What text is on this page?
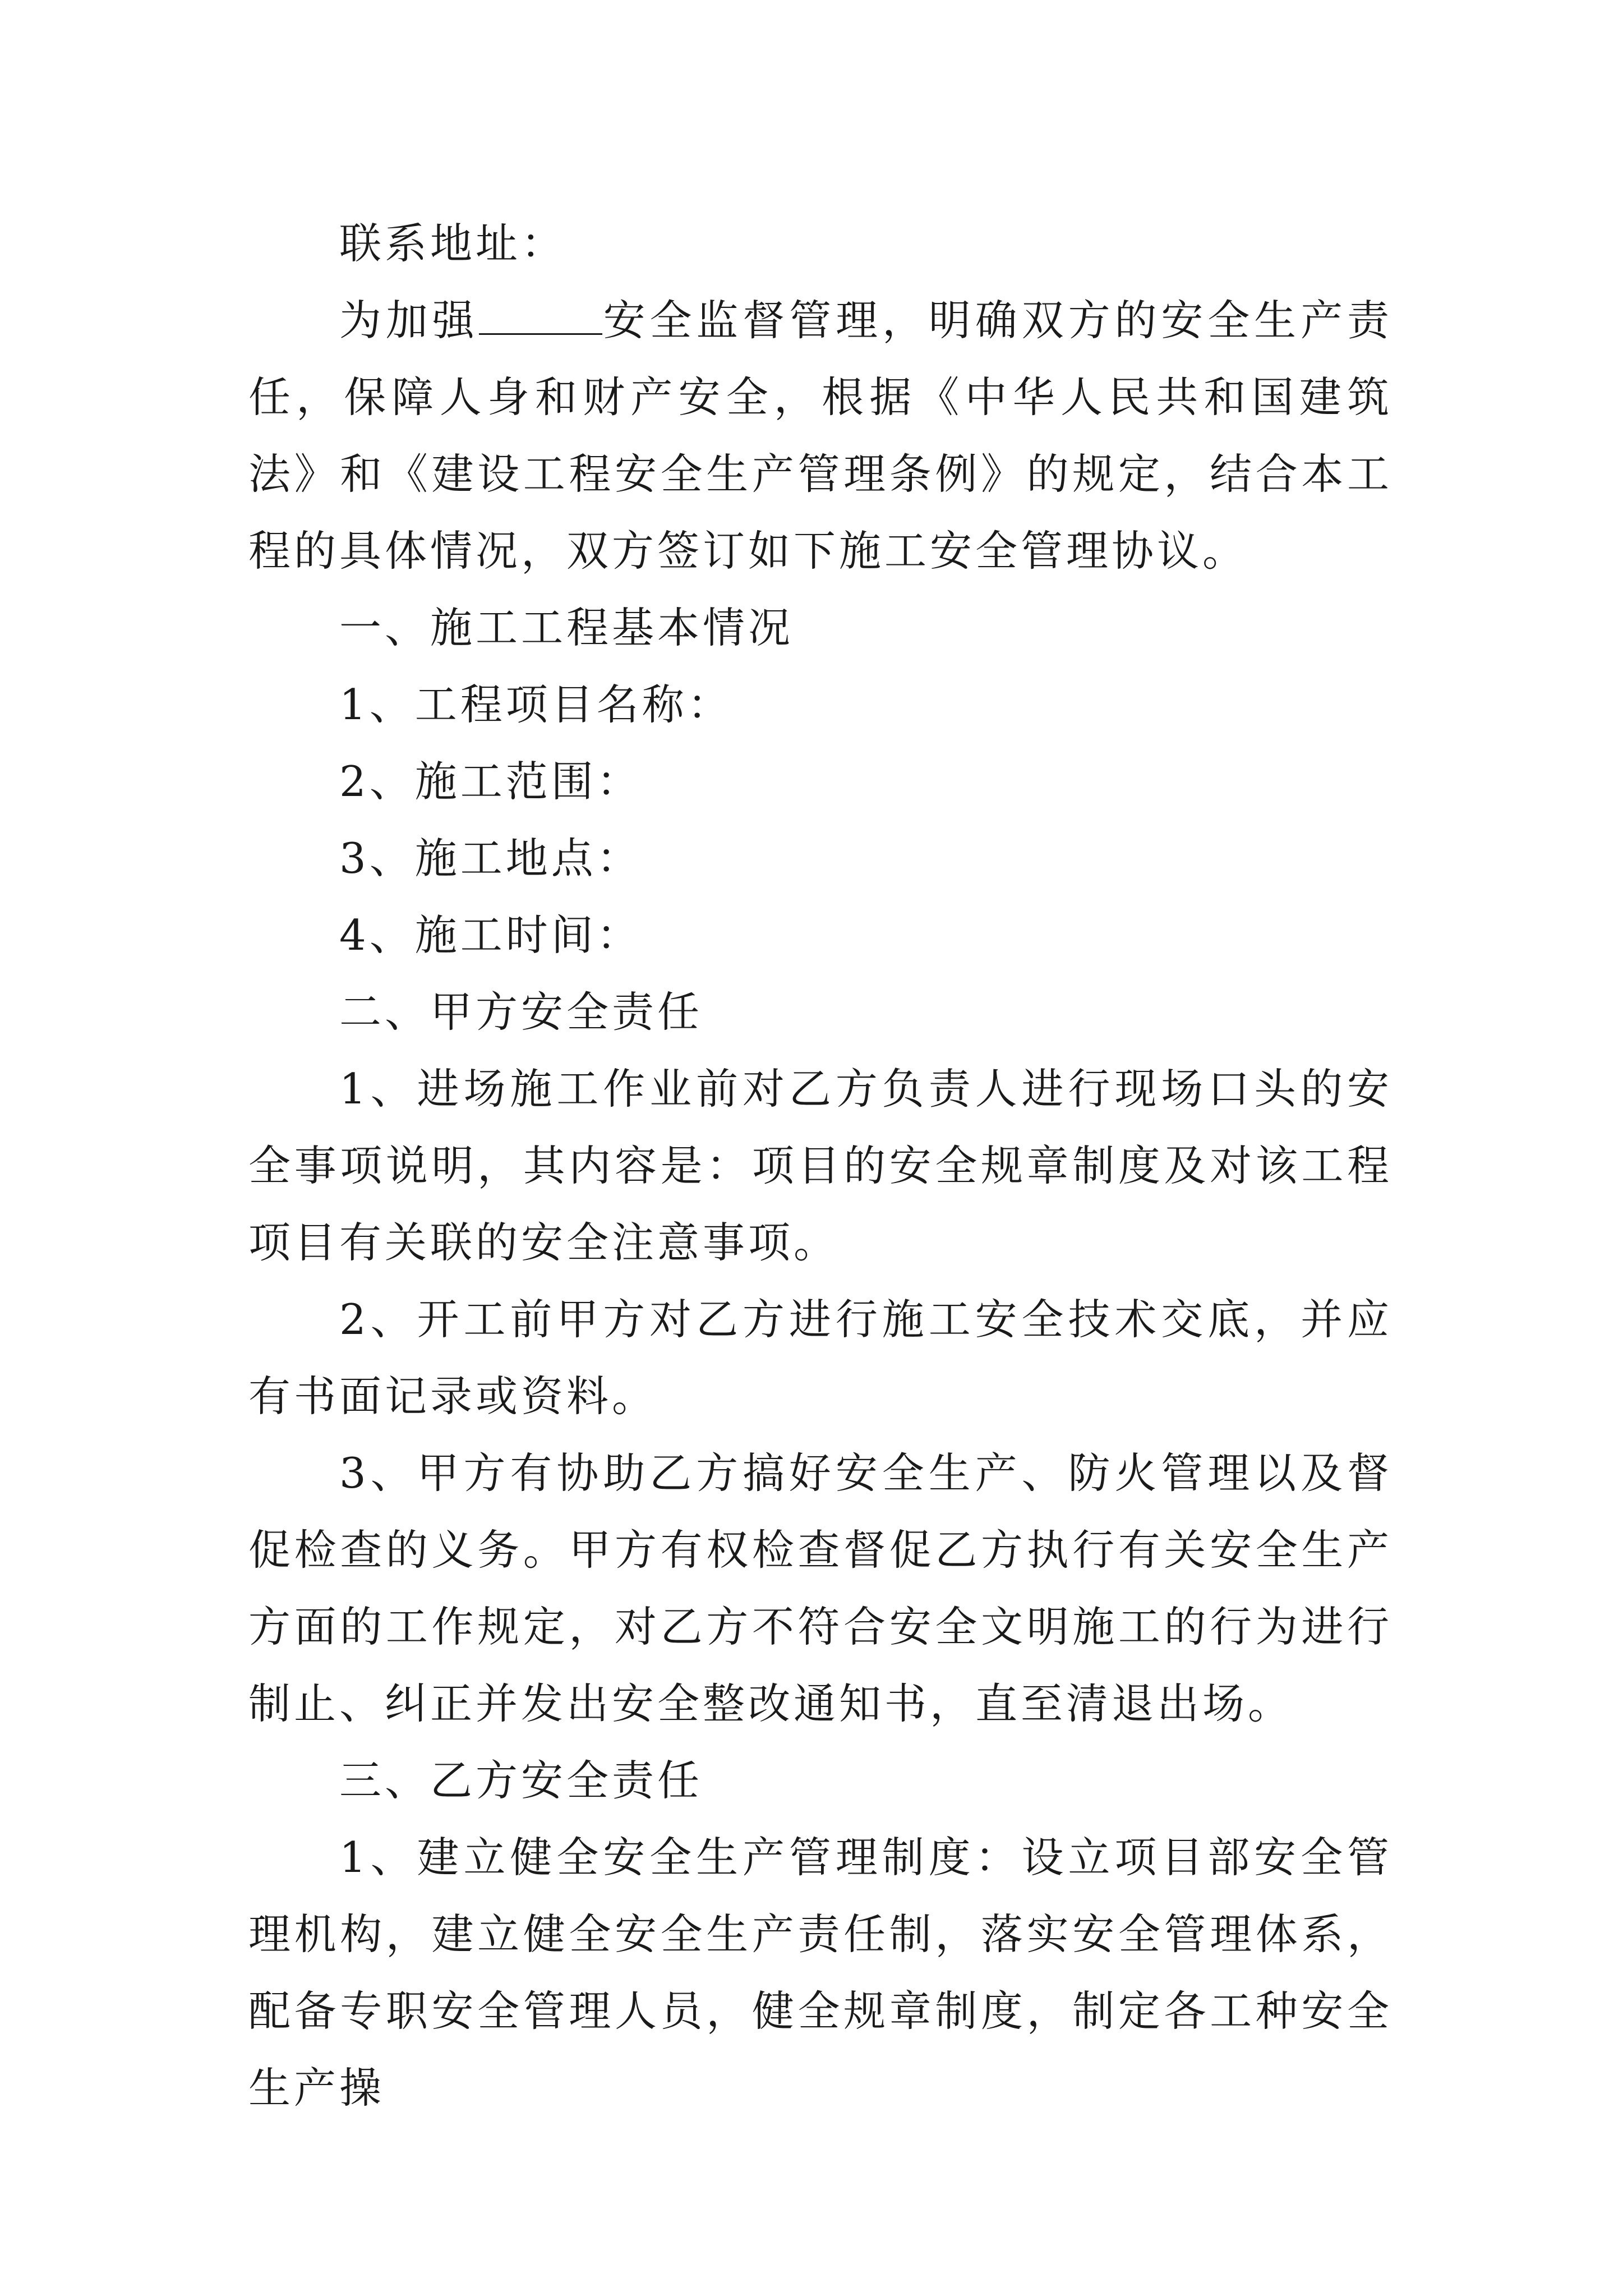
联系地址：

为加强	安全监督管理，明确双方的安全生产责任，保障人身和财产安全，根据《中华人民共和国建筑法》和《建设工程安全生产管理条例》的规定，结合本工程的具体情况，双方签订如下施工安全管理协议。

一、施工工程基本情况

1、工程项目名称：

2、施工范围：

3、施工地点：

4、施工时间：

二、甲方安全责任

1、进场施工作业前对乙方负责人进行现场口头的安全事项说明，其内容是：项目的安全规章制度及对该工程项目有关联的安全注意事项。

2、开工前甲方对乙方进行施工安全技术交底，并应有书面记录或资料。

3、甲方有协助乙方搞好安全生产、防火管理以及督促检查的义务。甲方有权检查督促乙方执行有关安全生产方面的工作规定，对乙方不符合安全文明施工的行为进行制止、纠正并发出安全整改通知书，直至清退出场。

三、乙方安全责任

1、建立健全安全生产管理制度：设立项目部安全管理机构，建立健全安全生产责任制，落实安全管理体系，配备专职安全管理人员，健全规章制度，制定各工种安全生产操
